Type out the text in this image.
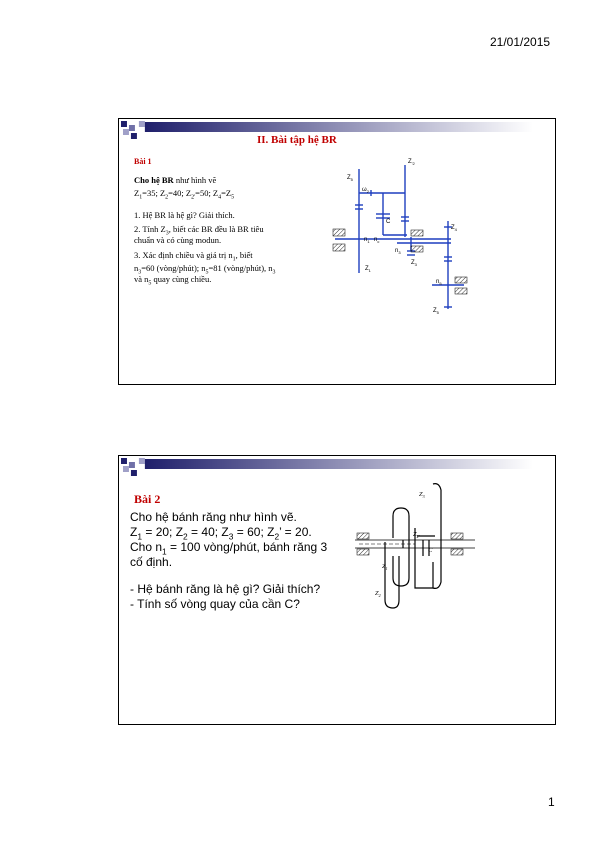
21/01/2015
1
II. Bài tập hệ BR
Bài 1
Cho hệ BR như hình vẽ
$Z_1=35$; $Z_2=40$; $Z_{2'}=50$; $Z_4=Z_5$
1. Hệ BR là hệ gì? Giải thích.
2. Tính $Z_3$, biết các BR đều là BR tiêu
chuẩn và có cùng modun.
3. Xác định chiều và giá trị $n_1$, biết
$n_3=60$ (vòng/phút); $n_5=81$ (vòng/phút), $n_3$
và $n_5$ quay cùng chiều.
$Z_5$
$Z_{’2}$
$\omega_2$
C
$n_1$ $n_c$
$n_3$
$Z_3$
$Z_4$
$Z_1$
$n_5$
$Z_5$
Bài 2
Cho hệ bánh răng như hình vẽ.
$Z_1 = 20$; $Z_2 = 40$; $Z_3 = 60$; $Z_2$’ = 20.
Cho $n_1 = 100$ vòng/phút, bánh răng 3
cố định.
- Hệ bánh răng là hệ gì? Giải thích?
- Tính số vòng quay của cần C?
$Z_3$
$Z_{2’}$
$Z_1$
C
$Z_2$
